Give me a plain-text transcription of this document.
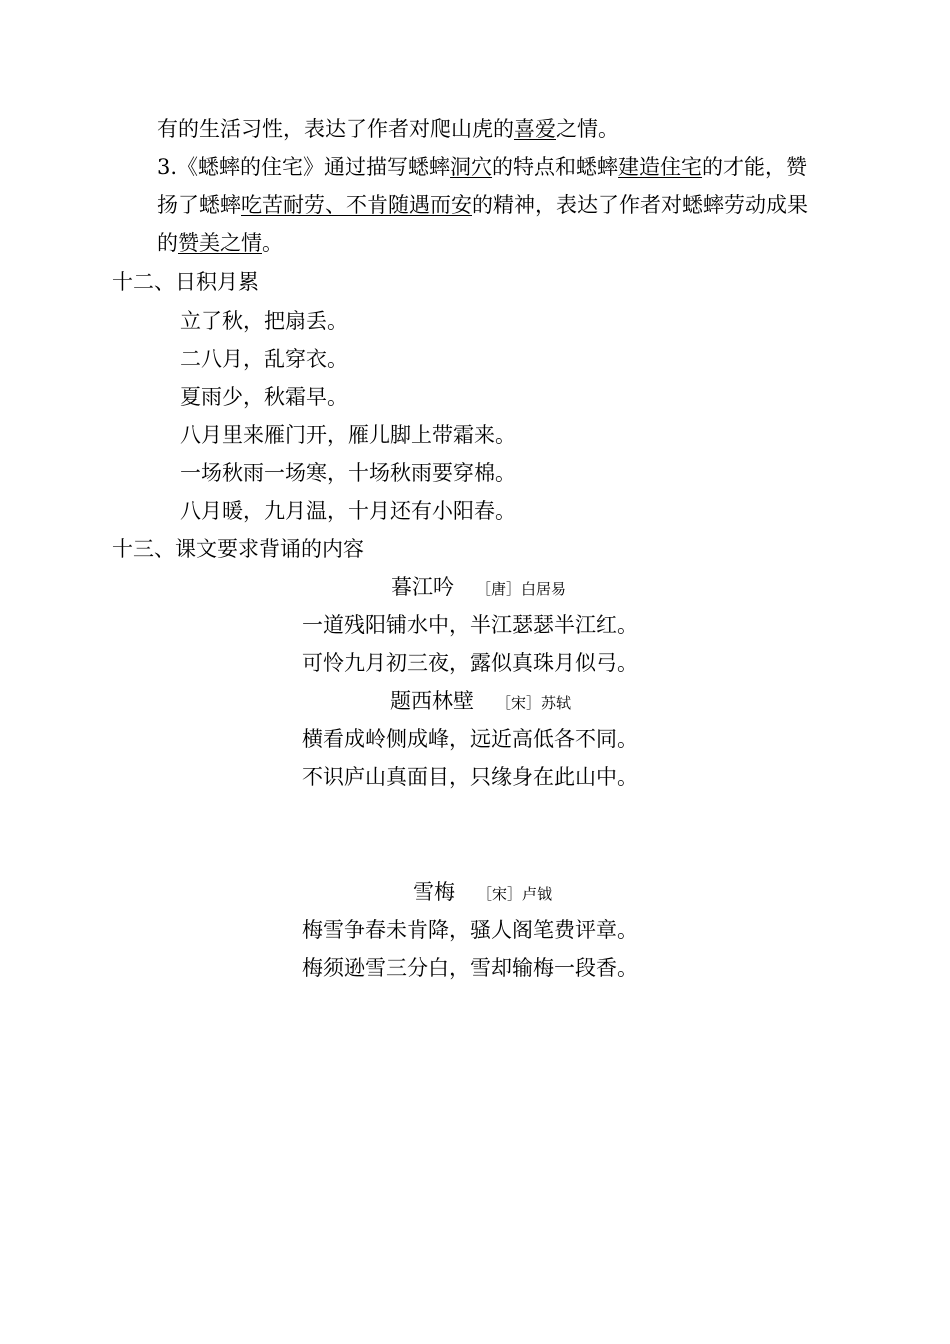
有的生活习性，表达了作者对爬山虎的喜爱之情。
3.《蟋蟀的住宅》通过描写蟋蟀洞穴的特点和蟋蟀建造住宅的才能，赞
扬了蟋蟀吃苦耐劳、不肯随遇而安的精神，表达了作者对蟋蟀劳动成果
的赞美之情。
十二、日积月累
立了秋，把扇丢。
二八月，乱穿衣。
夏雨少，秋霜早。
八月里来雁门开，雁儿脚上带霜来。
一场秋雨一场寒，十场秋雨要穿棉。
八月暖，九月温，十月还有小阳春。
十三、课文要求背诵的内容
暮江吟 ［唐］白居易
一道残阳铺水中，半江瑟瑟半江红。
可怜九月初三夜，露似真珠月似弓。
题西林壁 ［宋］苏轼
横看成岭侧成峰，远近高低各不同。
不识庐山真面目，只缘身在此山中。
雪梅 ［宋］卢钺
梅雪争春未肯降，骚人阁笔费评章。
梅须逊雪三分白，雪却输梅一段香。
